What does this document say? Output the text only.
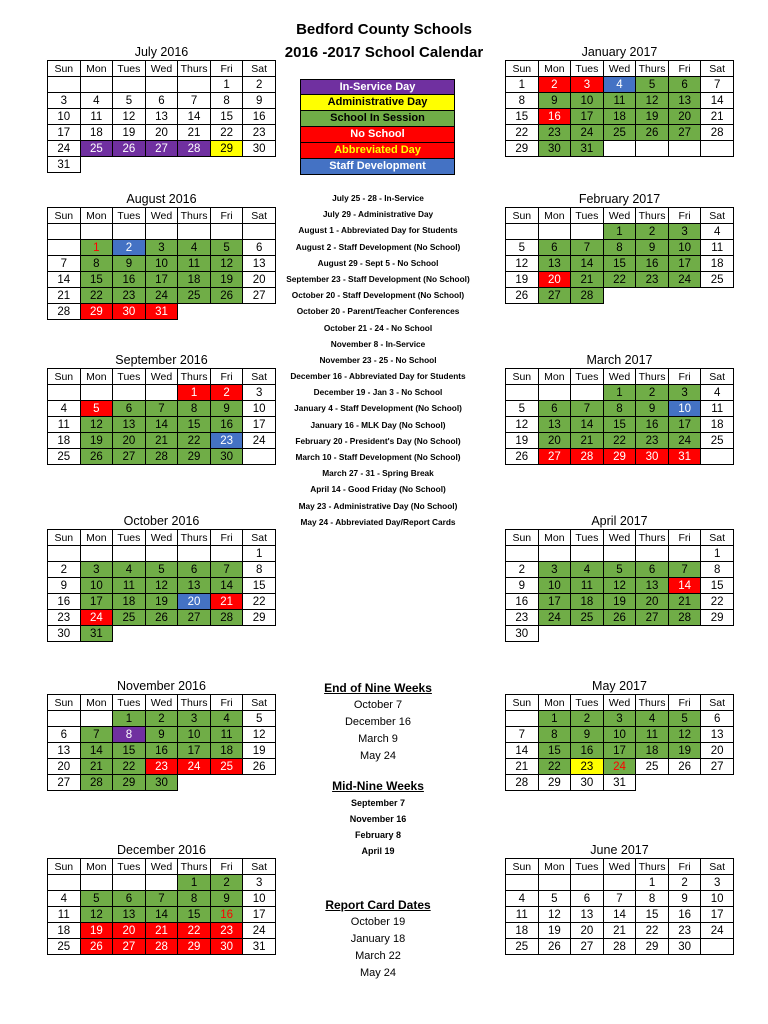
Bedford County Schools
2016 -2017 School Calendar
July 2016
Sun	Mon	Tues	Wed	Thurs	Fri	Sat
					1	2
3	4	5	6	7	8	9
10	11	12	13	14	15	16
17	18	19	20	21	22	23
24	25	26	27	28	29	30
31						
August 2016
Sun	Mon	Tues	Wed	Thurs	Fri	Sat

	1	2	3	4	5	6
7	8	9	10	11	12	13
14	15	16	17	18	19	20
21	22	23	24	25	26	27
28	29	30	31			
September 2016
Sun	Mon	Tues	Wed	Thurs	Fri	Sat
				1	2	3
4	5	6	7	8	9	10
11	12	13	14	15	16	17
18	19	20	21	22	23	24
25	26	27	28	29	30	
October 2016
Sun	Mon	Tues	Wed	Thurs	Fri	Sat
						1
2	3	4	5	6	7	8
9	10	11	12	13	14	15
16	17	18	19	20	21	22
23	24	25	26	27	28	29
30	31					
November 2016
Sun	Mon	Tues	Wed	Thurs	Fri	Sat
		1	2	3	4	5
6	7	8	9	10	11	12
13	14	15	16	17	18	19
20	21	22	23	24	25	26
27	28	29	30			
December 2016
Sun	Mon	Tues	Wed	Thurs	Fri	Sat
				1	2	3
4	5	6	7	8	9	10
11	12	13	14	15	16	17
18	19	20	21	22	23	24
25	26	27	28	29	30	31
January 2017
Sun	Mon	Tues	Wed	Thurs	Fri	Sat
1	2	3	4	5	6	7
8	9	10	11	12	13	14
15	16	17	18	19	20	21
22	23	24	25	26	27	28
29	30	31				
February 2017
Sun	Mon	Tues	Wed	Thurs	Fri	Sat
			1	2	3	4
5	6	7	8	9	10	11
12	13	14	15	16	17	18
19	20	21	22	23	24	25
26	27	28				
March 2017
Sun	Mon	Tues	Wed	Thurs	Fri	Sat
			1	2	3	4
5	6	7	8	9	10	11
12	13	14	15	16	17	18
19	20	21	22	23	24	25
26	27	28	29	30	31	
April 2017
Sun	Mon	Tues	Wed	Thurs	Fri	Sat
						1
2	3	4	5	6	7	8
9	10	11	12	13	14	15
16	17	18	19	20	21	22
23	24	25	26	27	28	29
30						
May 2017
Sun	Mon	Tues	Wed	Thurs	Fri	Sat
	1	2	3	4	5	6
7	8	9	10	11	12	13
14	15	16	17	18	19	20
21	22	23	24	25	26	27
28	29	30	31			
June 2017
Sun	Mon	Tues	Wed	Thurs	Fri	Sat
				1	2	3
4	5	6	7	8	9	10
11	12	13	14	15	16	17
18	19	20	21	22	23	24
25	26	27	28	29	30	
In-Service Day
Administrative Day
School In Session
No School
Abbreviated Day
Staff Development
July 25 - 28 - In-Service
July 29 - Administrative Day
August 1 - Abbreviated Day for Students
August 2 - Staff Development (No School)
August 29 - Sept 5 - No School
September 23 - Staff Development (No School)
October 20 - Staff Development (No School)
October 20 - Parent/Teacher Conferences
October 21 - 24 - No School
November 8 - In-Service
November 23 - 25 - No School
December 16 - Abbreviated Day for Students
December 19 - Jan 3 - No School
January 4 - Staff Development (No School)
January 16 - MLK Day (No School)
February 20 - President's Day (No School)
March 10 - Staff Development (No School)
March 27 - 31 - Spring Break
April 14 - Good Friday (No School)
May 23 - Administrative Day (No School)
May 24 - Abbreviated Day/Report Cards
End of Nine Weeks
October 7
December 16
March 9
May 24
Mid-Nine Weeks
September 7
November 16
February 8
April 19
Report Card Dates
October 19
January 18
March 22
May 24
